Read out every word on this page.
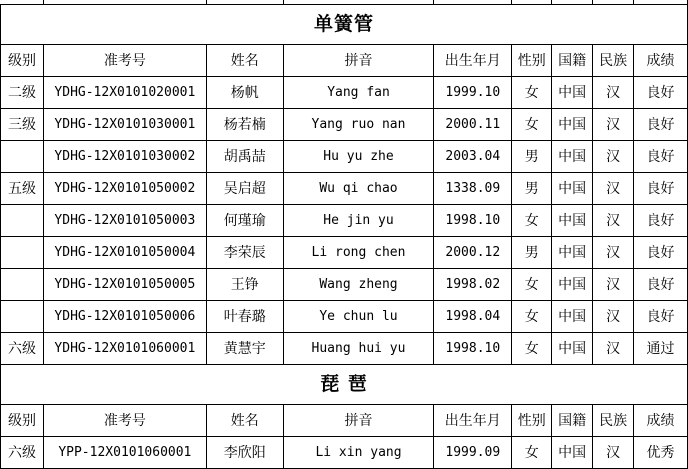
单簧管								
级别	准考号	姓名	拼音	出生年月	性别	国籍	民族	成绩
二级	YDHG-12X0101020001	杨帆	Yang fan	1999.10	女	中国	汉	良好
三级	YDHG-12X0101030001	杨若楠	Yang ruo nan	2000.11	女	中国	汉	良好
	YDHG-12X0101030002	胡禹喆	Hu yu zhe	2003.04	男	中国	汉	良好
五级	YDHG-12X0101050002	吴启超	Wu qi chao	1338.09	男	中国	汉	良好
	YDHG-12X0101050003	何瑾瑜	He jin yu	1998.10	女	中国	汉	良好
	YDHG-12X0101050004	李荣辰	Li rong chen	2000.12	男	中国	汉	良好
	YDHG-12X0101050005	王铮	Wang zheng	1998.02	女	中国	汉	良好
	YDHG-12X0101050006	叶春璐	Ye chun lu	1998.04	女	中国	汉	良好
六级	YDHG-12X0101060001	黄慧宇	Huang hui yu	1998.10	女	中国	汉	通过
琵 琶								
级别	准考号	姓名	拼音	出生年月	性别	国籍	民族	成绩
六级	YPP-12X0101060001	李欣阳	Li xin yang	1999.09	女	中国	汉	优秀
